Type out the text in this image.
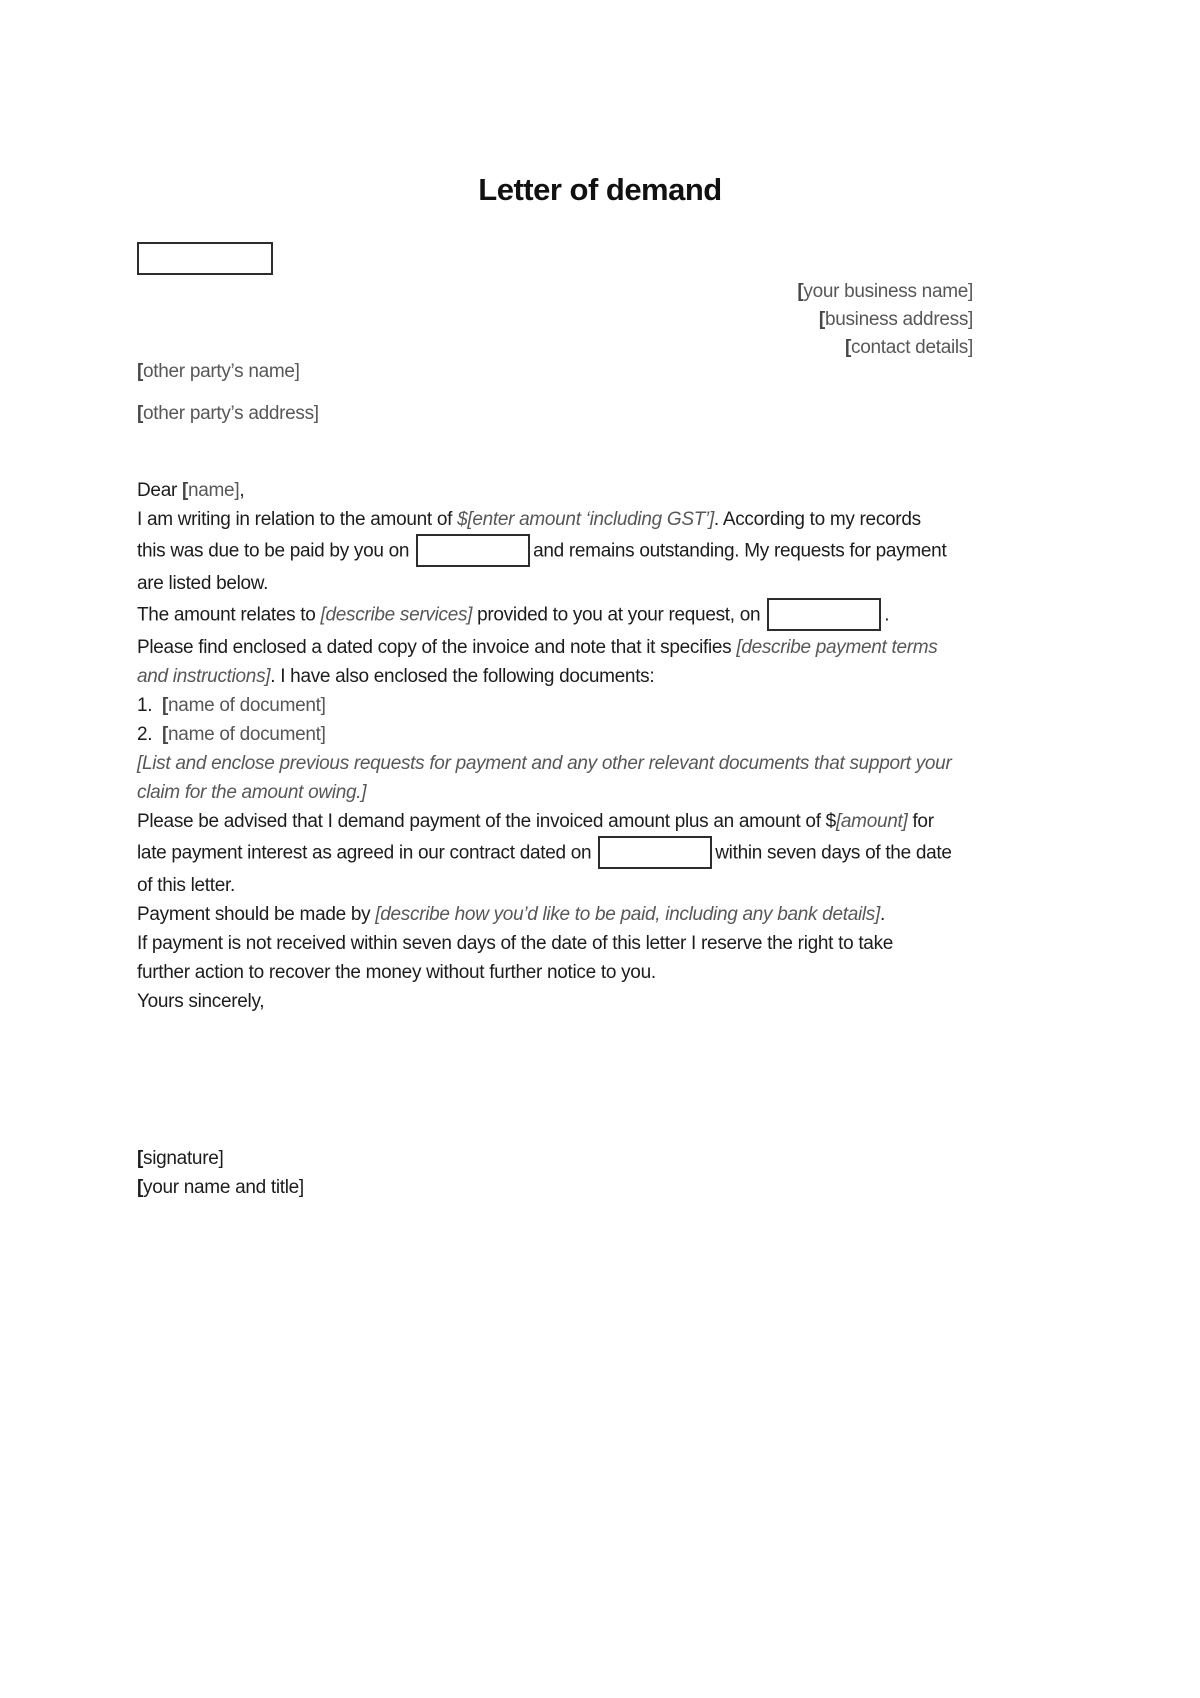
Letter of demand
[your business name]
[business address]
[contact details]
[other party’s name]
[other party’s address]
Dear [name],
I am writing in relation to the amount of $[enter amount ‘including GST’]. According to my records
this was due to be paid by you on	and remains outstanding. My requests for payment
are listed below.
The amount relates to [describe services] provided to you at your request, on	.
Please find enclosed a dated copy of the invoice and note that it specifies [describe payment terms
and instructions]. I have also enclosed the following documents:
1. [name of document]
2. [name of document]
[List and enclose previous requests for payment and any other relevant documents that support your
claim for the amount owing.]
Please be advised that I demand payment of the invoiced amount plus an amount of $[amount] for
late payment interest as agreed in our contract dated on	within seven days of the date
of this letter.
Payment should be made by [describe how you’d like to be paid, including any bank details].
If payment is not received within seven days of the date of this letter I reserve the right to take
further action to recover the money without further notice to you.
Yours sincerely,
[signature]
[your name and title]
